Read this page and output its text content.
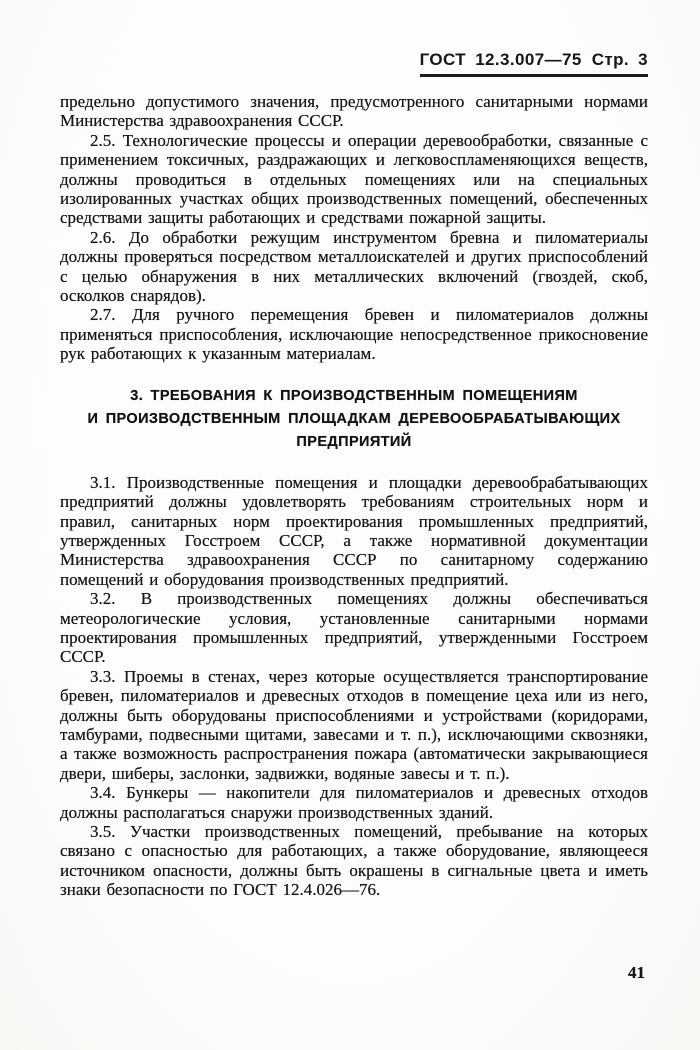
ГОСТ 12.3.007—75 Стр. 3

предельно допустимого значения, предусмотренного санитарными нормами Министерства здравоохранения СССР.

2.5. Технологические процессы и операции деревообработки, связанные с применением токсичных, раздражающих и легковоспламеняющихся веществ, должны проводиться в отдельных помещениях или на специальных изолированных участках общих производственных помещений, обеспеченных средствами защиты работающих и средствами пожарной защиты.

2.6. До обработки режущим инструментом бревна и пиломатериалы должны проверяться посредством металлоискателей и других приспособлений с целью обнаружения в них металлических включений (гвоздей, скоб, осколков снарядов).

2.7. Для ручного перемещения бревен и пиломатериалов должны применяться приспособления, исключающие непосредственное прикосновение рук работающих к указанным материалам.

3. ТРЕБОВАНИЯ К ПРОИЗВОДСТВЕННЫМ ПОМЕЩЕНИЯМ
И ПРОИЗВОДСТВЕННЫМ ПЛОЩАДКАМ ДЕРЕВООБРАБАТЫВАЮЩИХ
ПРЕДПРИЯТИЙ

3.1. Производственные помещения и площадки деревообрабатывающих предприятий должны удовлетворять требованиям строительных норм и правил, санитарных норм проектирования промышленных предприятий, утвержденных Госстроем СССР, а также нормативной документации Министерства здравоохранения СССР по санитарному содержанию помещений и оборудования производственных предприятий.

3.2. В производственных помещениях должны обеспечиваться метеорологические условия, установленные санитарными нормами проектирования промышленных предприятий, утвержденными Госстроем СССР.

3.3. Проемы в стенах, через которые осуществляется транспортирование бревен, пиломатериалов и древесных отходов в помещение цеха или из него, должны быть оборудованы приспособлениями и устройствами (коридорами, тамбурами, подвесными щитами, завесами и т. п.), исключающими сквозняки, а также возможность распространения пожара (автоматически закрывающиеся двери, шиберы, заслонки, задвижки, водяные завесы и т. п.).

3.4. Бункеры — накопители для пиломатериалов и древесных отходов должны располагаться снаружи производственных зданий.

3.5. Участки производственных помещений, пребывание на которых связано с опасностью для работающих, а также оборудование, являющееся источником опасности, должны быть окрашены в сигнальные цвета и иметь знаки безопасности по ГОСТ 12.4.026—76.

41
